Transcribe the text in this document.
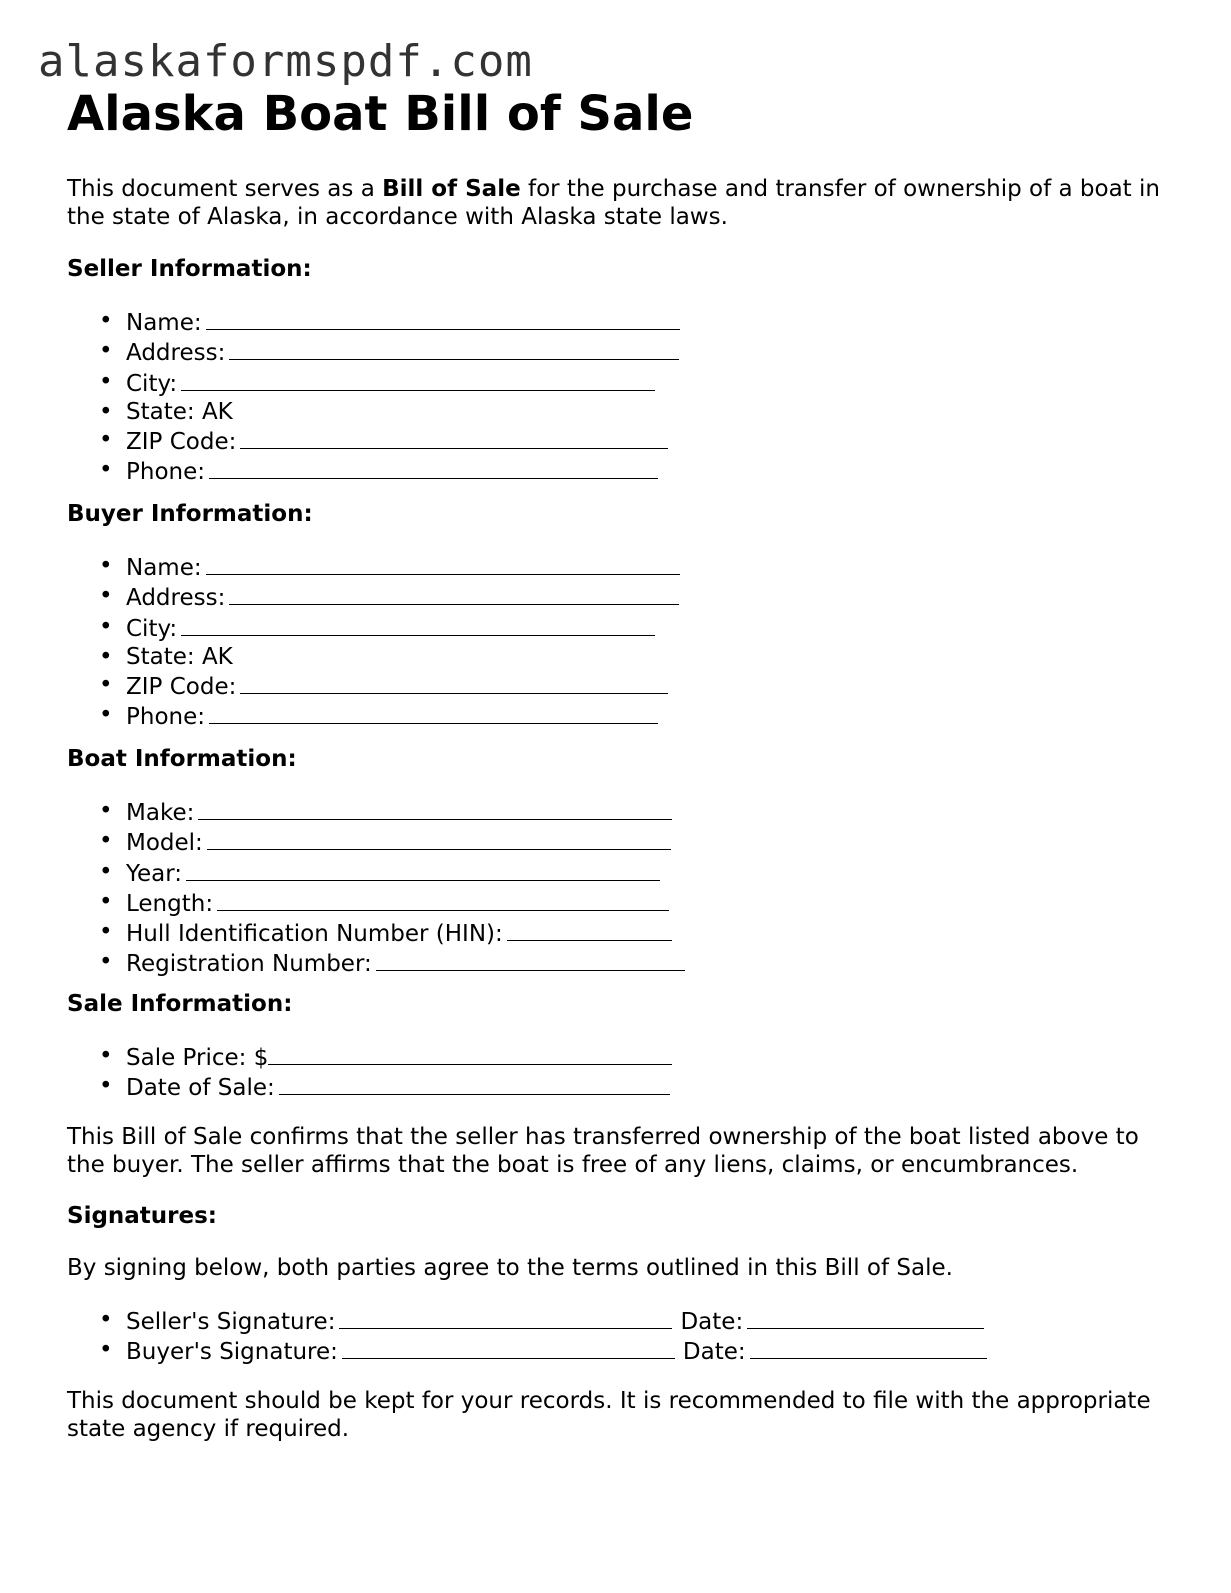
alaskaformspdf.com
Alaska Boat Bill of Sale

This document serves as a Bill of Sale for the purchase and transfer of ownership of a boat in the state of Alaska, in accordance with Alaska state laws.

Seller Information:
• Name:
• Address:
• City:
• State: AK
• ZIP Code:
• Phone:
Buyer Information:
• Name:
• Address:
• City:
• State: AK
• ZIP Code:
• Phone:
Boat Information:
• Make:
• Model:
• Year:
• Length:
• Hull Identification Number (HIN):
• Registration Number:
Sale Information:
• Sale Price: $
• Date of Sale:

This Bill of Sale confirms that the seller has transferred ownership of the boat listed above to the buyer. The seller affirms that the boat is free of any liens, claims, or encumbrances.

Signatures:

By signing below, both parties agree to the terms outlined in this Bill of Sale.

• Seller's Signature:	Date:
• Buyer's Signature:	Date:

This document should be kept for your records. It is recommended to file with the appropriate state agency if required.
